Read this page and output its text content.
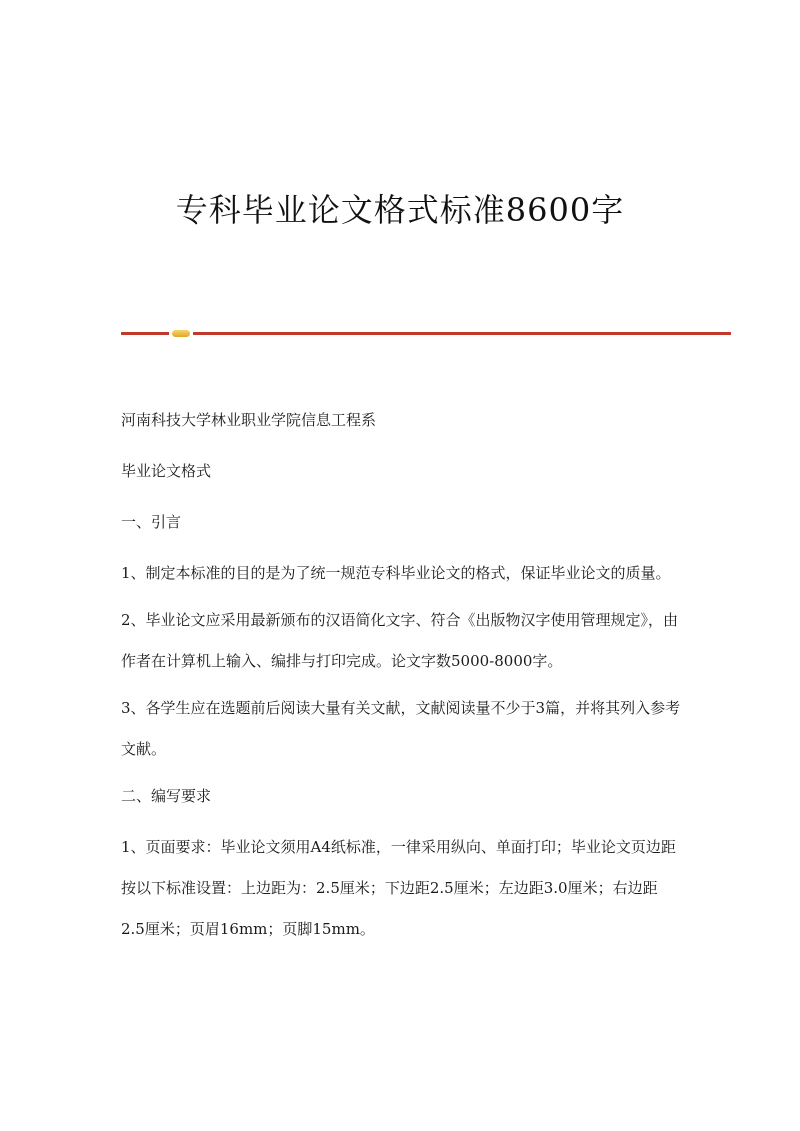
专科毕业论文格式标准8600字

河南科技大学林业职业学院信息工程系

毕业论文格式

一、引言

1、制定本标准的目的是为了统一规范专科毕业论文的格式，保证毕业论文的质量。

2、毕业论文应采用最新颁布的汉语简化文字、符合《出版物汉字使用管理规定》，由作者在计算机上输入、编排与打印完成。论文字数5000-8000字。

3、各学生应在选题前后阅读大量有关文献，文献阅读量不少于3篇，并将其列入参考文献。

二、编写要求

1、页面要求：毕业论文须用A4纸标准，一律采用纵向、单面打印；毕业论文页边距按以下标准设置：上边距为：2.5厘米；下边距2.5厘米；左边距3.0厘米；右边距2.5厘米；页眉16mm；页脚15mm。
